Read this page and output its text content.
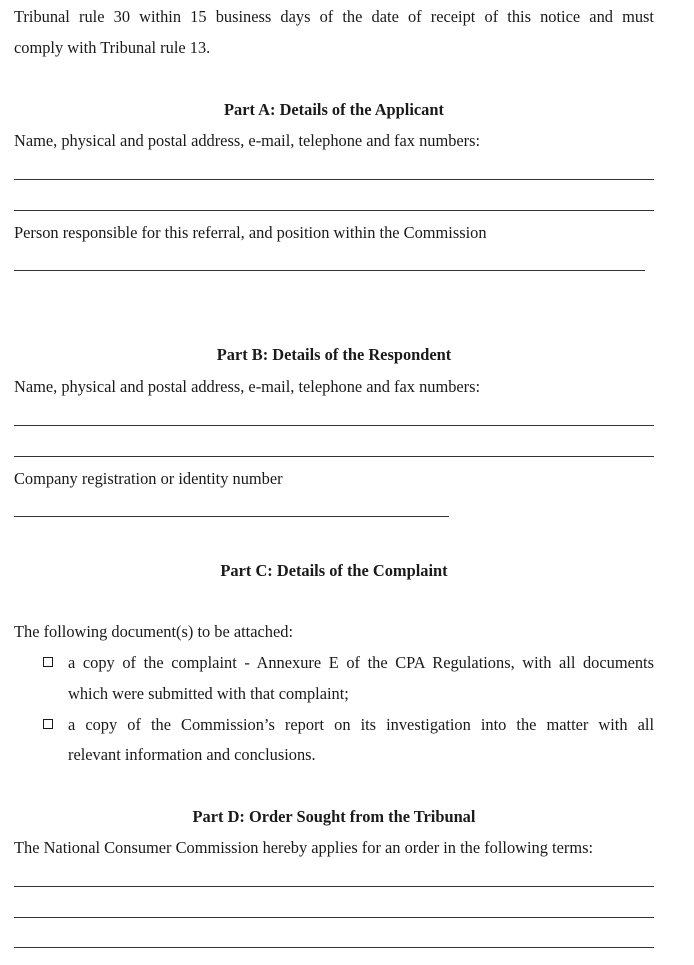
Tribunal rule 30 within 15 business days of the date of receipt of this notice and must
comply with Tribunal rule 13.
Part A: Details of the Applicant
Name, physical and postal address, e-mail, telephone and fax numbers:
Person responsible for this referral, and position within the Commission
Part B: Details of the Respondent
Name, physical and postal address, e-mail, telephone and fax numbers:
Company registration or identity number
Part C: Details of the Complaint
The following document(s) to be attached:
a copy of the complaint - Annexure E of the CPA Regulations, with all documents
which were submitted with that complaint;
a copy of the Commission’s report on its investigation into the matter with all
relevant information and conclusions.
Part D: Order Sought from the Tribunal
The National Consumer Commission hereby applies for an order in the following terms:
